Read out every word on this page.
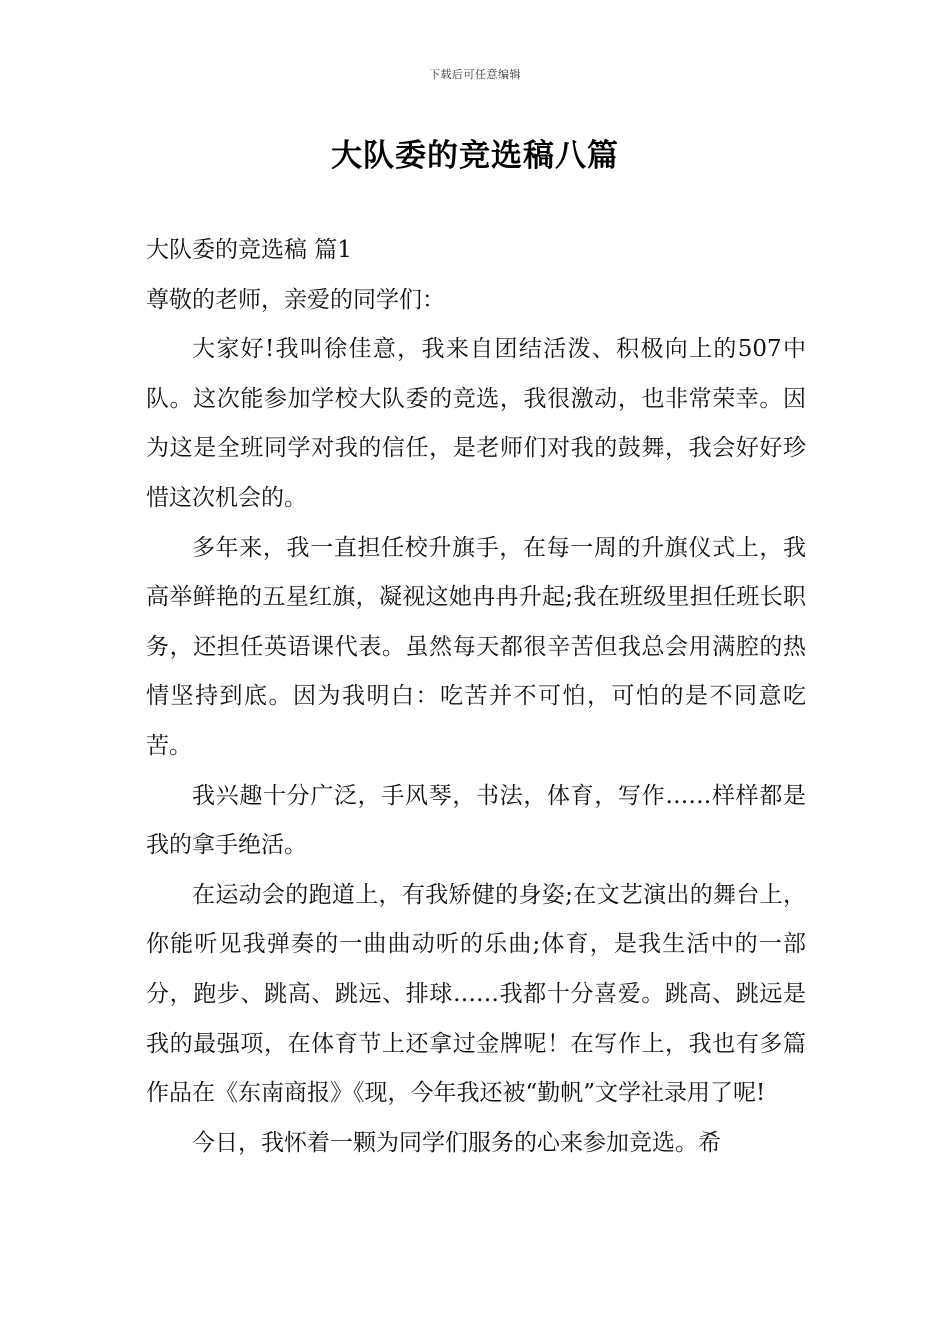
下载后可任意编辑
大队委的竞选稿八篇

大队委的竞选稿 篇1

尊敬的老师，亲爱的同学们：

大家好!我叫徐佳意，我来自团结活泼、积极向上的507中队。这次能参加学校大队委的竞选，我很激动，也非常荣幸。因为这是全班同学对我的信任，是老师们对我的鼓舞，我会好好珍惜这次机会的。

多年来，我一直担任校升旗手，在每一周的升旗仪式上，我高举鲜艳的五星红旗，凝视这她冉冉升起;我在班级里担任班长职务，还担任英语课代表。虽然每天都很辛苦但我总会用满腔的热情坚持到底。因为我明白：吃苦并不可怕，可怕的是不同意吃苦。

我兴趣十分广泛，手风琴，书法，体育，写作……样样都是我的拿手绝活。

在运动会的跑道上，有我矫健的身姿;在文艺演出的舞台上，你能听见我弹奏的一曲曲动听的乐曲;体育，是我生活中的一部分，跑步、跳高、跳远、排球……我都十分喜爱。跳高、跳远是我的最强项，在体育节上还拿过金牌呢！在写作上，我也有多篇作品在《东南商报》《现，今年我还被“勤帆”文学社录用了呢!

今日，我怀着一颗为同学们服务的心来参加竞选。希
